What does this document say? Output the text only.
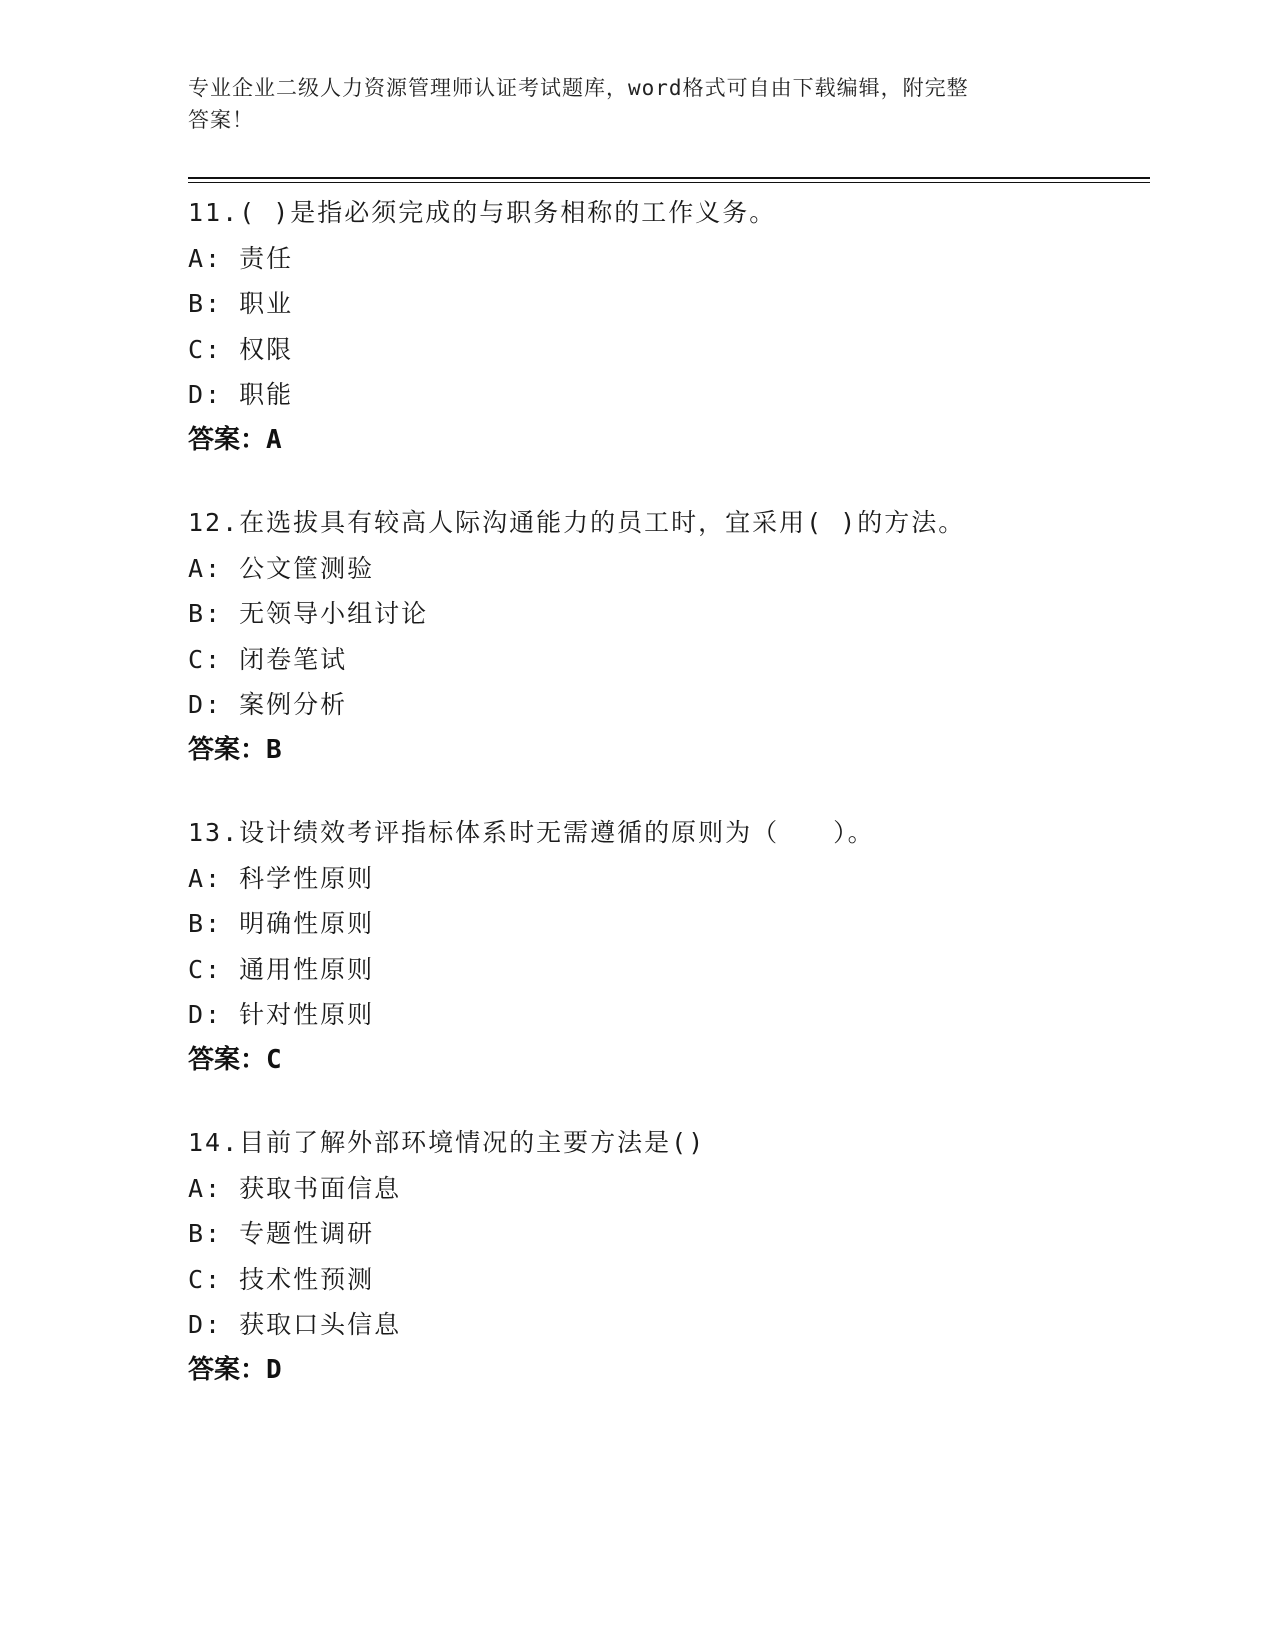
专业企业二级人力资源管理师认证考试题库，word格式可自由下载编辑，附完整
答案！
11.( )是指必须完成的与职务相称的工作义务。
A: 责任
B: 职业
C: 权限
D: 职能
答案：A
12.在选拔具有较高人际沟通能力的员工时，宜采用( )的方法。
A: 公文筐测验
B: 无领导小组讨论
C: 闭卷笔试
D: 案例分析
答案：B
13.设计绩效考评指标体系时无需遵循的原则为（　　）。
A: 科学性原则
B: 明确性原则
C: 通用性原则
D: 针对性原则
答案：C
14.目前了解外部环境情况的主要方法是()
A: 获取书面信息
B: 专题性调研
C: 技术性预测
D: 获取口头信息
答案：D
